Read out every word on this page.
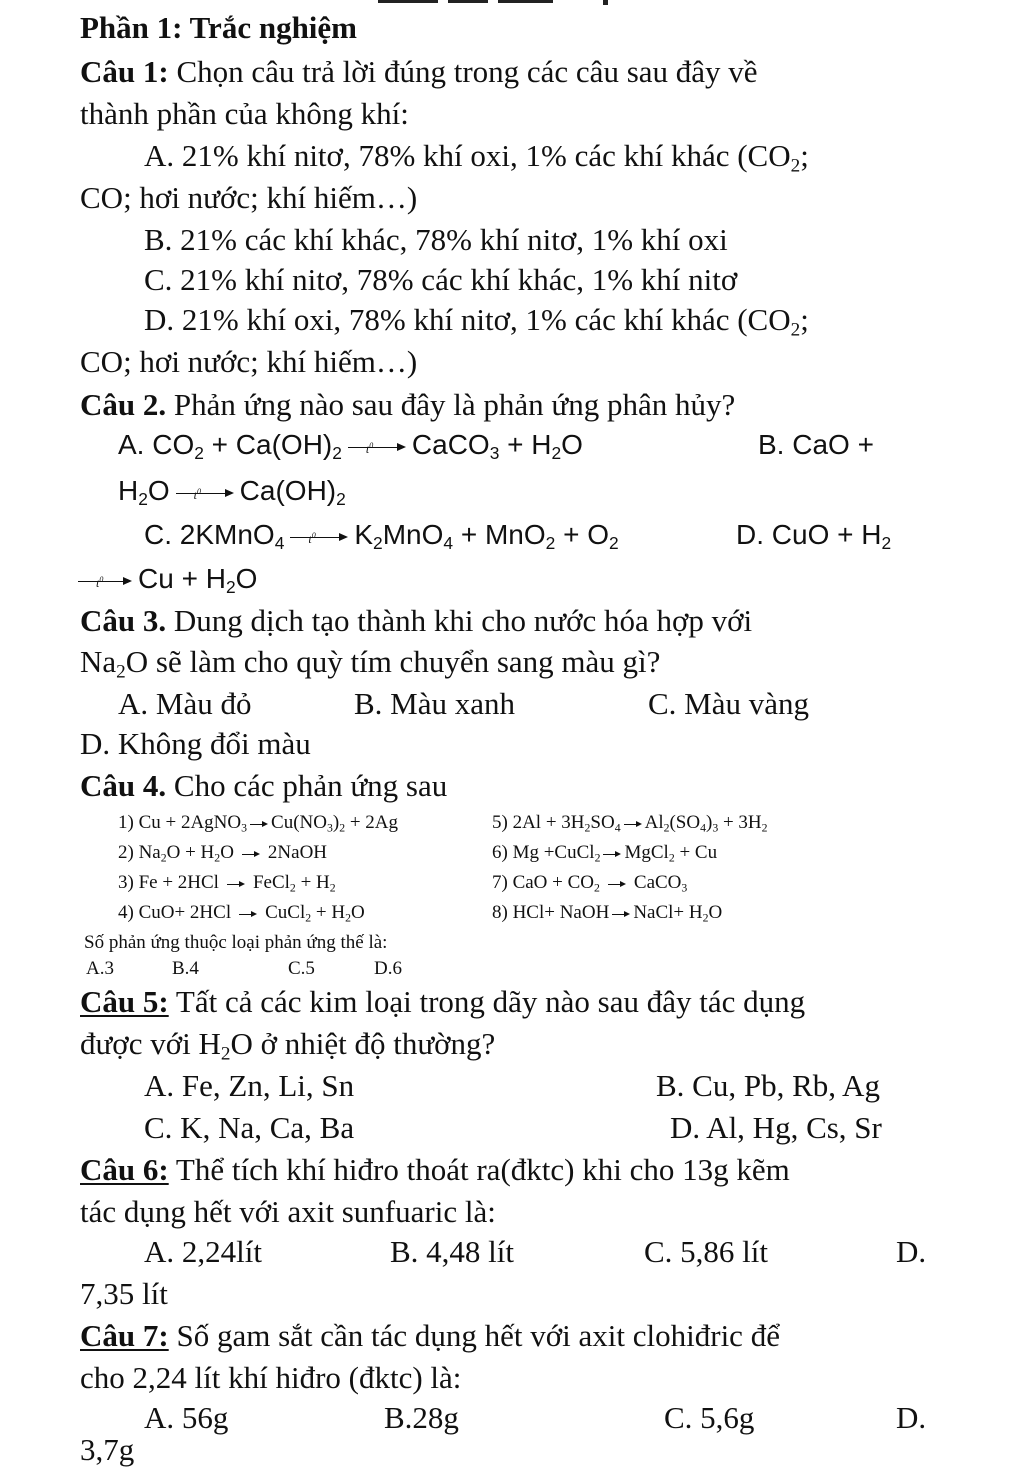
Phần 1: Trắc nghiệm
Câu 1: Chọn câu trả lời đúng trong các câu sau đây về
thành phần của không khí:
A. 21% khí nitơ, 78% khí oxi, 1% các khí khác ($CO_2$;
CO; hơi nước; khí hiếm…)
B. 21% các khí khác, 78% khí nitơ, 1% khí oxi
C. 21% khí nitơ, 78% các khí khác, 1% khí nitơ
D. 21% khí oxi, 78% khí nitơ, 1% các khí khác ($CO_2$;
CO; hơi nước; khí hiếm…)
Câu 2. Phản ứng nào sau đây là phản ứng phân hủy?
A. $CO_2 + Ca(OH)_2$ $t^0$ CaCO$_3$ + $H_2O$	B. CaO +
$H_2O$ $t^0$ $Ca(OH)_2$
C. 2KMnO$_4$ $t^0$ $K_2MnO_4 + MnO_2 + O_2$	D. CuO + $H_2$
$t^0$ $Cu + H_2O$
Câu 3. Dung dịch tạo thành khi cho nước hóa hợp với
$Na_2O$ sẽ làm cho quỳ tím chuyển sang màu gì?
A. Màu đỏ	B. Màu xanh	C. Màu vàng
D. Không đổi màu
Câu 4. Cho các phản ứng sau
1) Cu + 2AgNO$_3$ $Cu(NO_3)_2 + 2Ag$	5) $2Al + 3H_2SO_4$ $Al_2(SO_4)_3 + 3H_2$
2) $Na_2O + H_2O$ 2NaOH	6) Mg +CuCl$_2$ MgCl$_2$ + Cu
3) Fe + 2HCl FeCl$_2$ + $H_2$	7) CaO + $CO_2$ CaCO$_3$
4) CuO+ 2HCl CuCl$_2$ + $H_2O$	8) HCl+ NaOH NaCl+ $H_2O$
Số phản ứng thuộc loại phản ứng thế là:
A.3	B.4	C.5	D.6
Câu 5: Tất cả các kim loại trong dãy nào sau đây tác dụng
được với $H_2O$ ở nhiệt độ thường?
A. Fe, Zn, Li, Sn	B. Cu, Pb, Rb, Ag
C. K, Na, Ca, Ba	D. Al, Hg, Cs, Sr
Câu 6: Thể tích khí hiđro thoát ra(đktc) khi cho 13g kẽm
tác dụng hết với axit sunfuaric là:
A. 2,24lít	B. 4,48 lít	C. 5,86 lít	D.
7,35 lít
Câu 7: Số gam sắt cần tác dụng hết với axit clohiđric để
cho 2,24 lít khí hiđro (đktc) là:
A. 56g	B.28g	C. 5,6g	D.
3,7g
